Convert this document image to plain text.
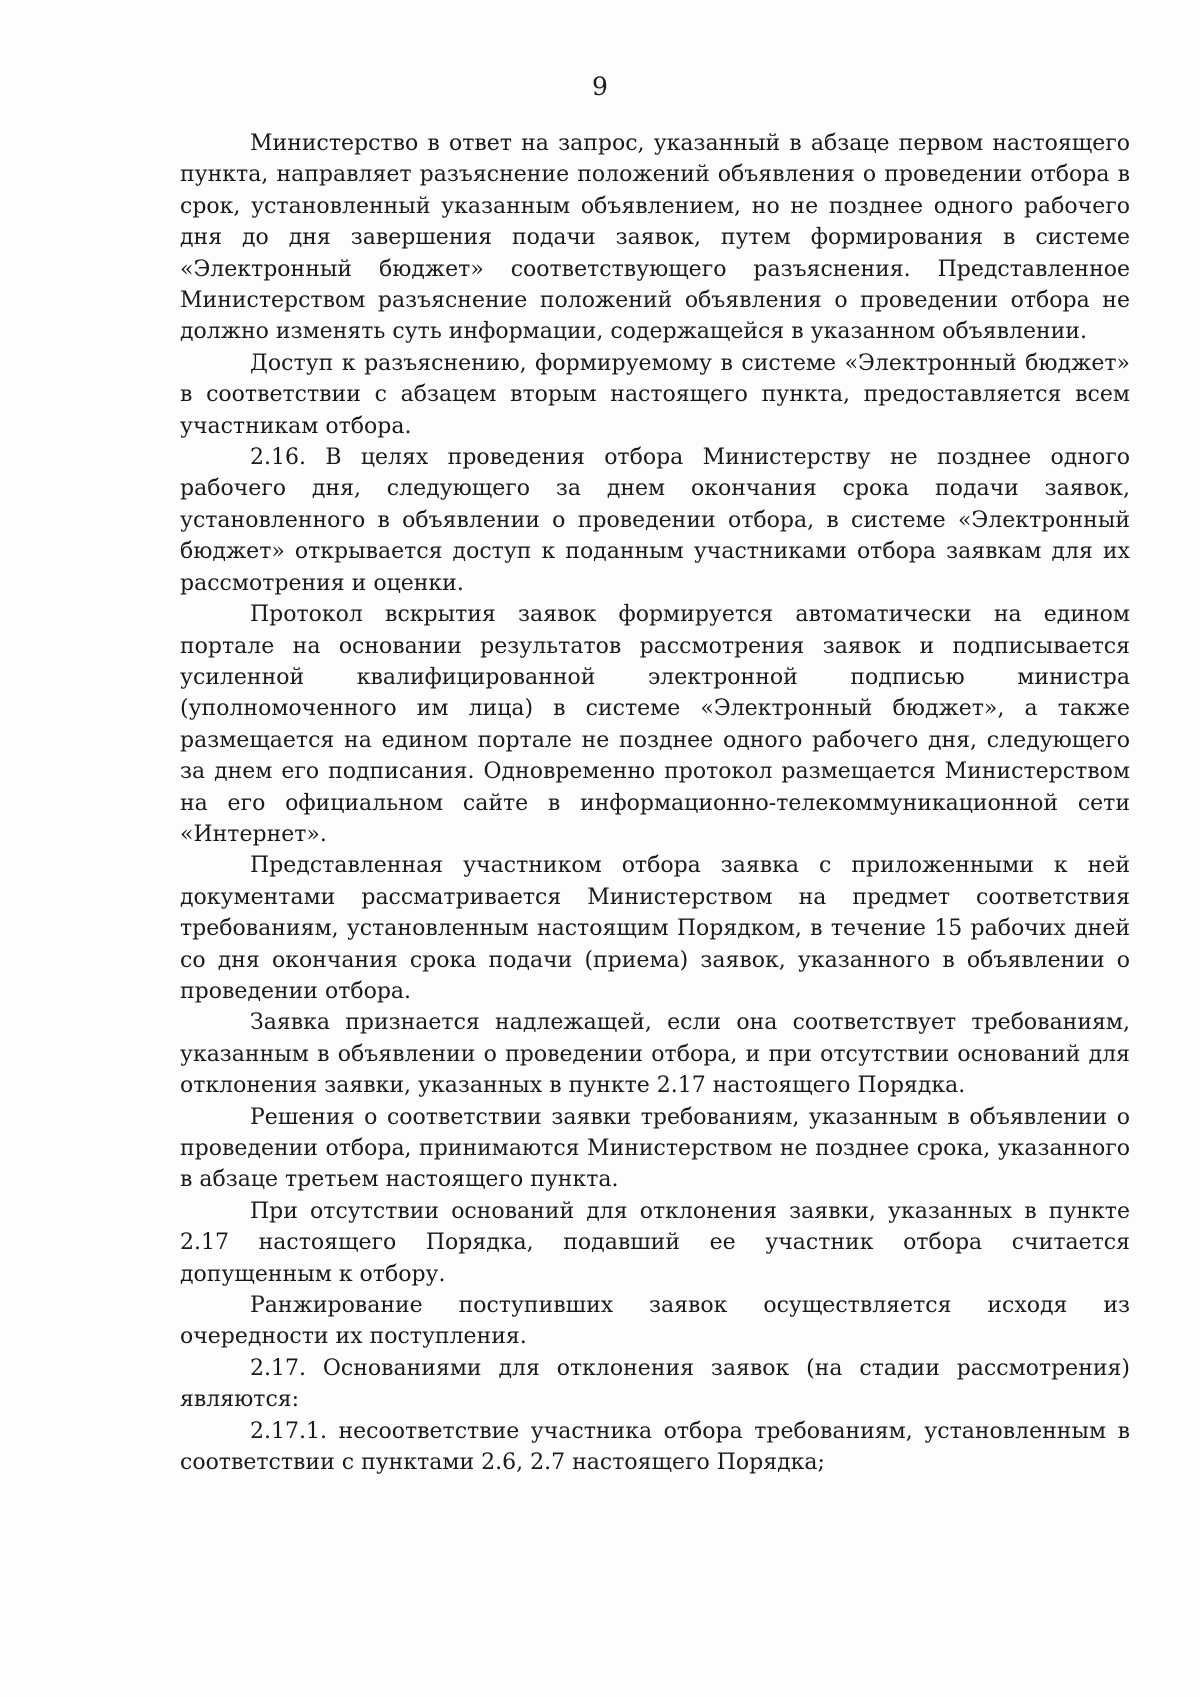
9

Министерство в ответ на запрос, указанный в абзаце первом настоящего пункта, направляет разъяснение положений объявления о проведении отбора в срок, установленный указанным объявлением, но не позднее одного рабочего дня до дня завершения подачи заявок, путем формирования в системе «Электронный бюджет» соответствующего разъяснения. Представленное Министерством разъяснение положений объявления о проведении отбора не должно изменять суть информации, содержащейся в указанном объявлении.

Доступ к разъяснению, формируемому в системе «Электронный бюджет» в соответствии с абзацем вторым настоящего пункта, предоставляется всем участникам отбора.

2.16. В целях проведения отбора Министерству не позднее одного рабочего дня, следующего за днем окончания срока подачи заявок, установленного в объявлении о проведении отбора, в системе «Электронный бюджет» открывается доступ к поданным участниками отбора заявкам для их рассмотрения и оценки.

Протокол вскрытия заявок формируется автоматически на едином портале на основании результатов рассмотрения заявок и подписывается усиленной квалифицированной электронной подписью министра (уполномоченного им лица) в системе «Электронный бюджет», а также размещается на едином портале не позднее одного рабочего дня, следующего за днем его подписания. Одновременно протокол размещается Министерством на его официальном сайте в информационно-телекоммуникационной сети «Интернет».

Представленная участником отбора заявка с приложенными к ней документами рассматривается Министерством на предмет соответствия требованиям, установленным настоящим Порядком, в течение 15 рабочих дней со дня окончания срока подачи (приема) заявок, указанного в объявлении о проведении отбора.

Заявка признается надлежащей, если она соответствует требованиям, указанным в объявлении о проведении отбора, и при отсутствии оснований для отклонения заявки, указанных в пункте 2.17 настоящего Порядка.

Решения о соответствии заявки требованиям, указанным в объявлении о проведении отбора, принимаются Министерством не позднее срока, указанного в абзаце третьем настоящего пункта.

При отсутствии оснований для отклонения заявки, указанных в пункте 2.17 настоящего Порядка, подавший ее участник отбора считается допущенным к отбору.

Ранжирование поступивших заявок осуществляется исходя из очередности их поступления.

2.17. Основаниями для отклонения заявок (на стадии рассмотрения) являются:

2.17.1. несоответствие участника отбора требованиям, установленным в соответствии с пунктами 2.6, 2.7 настоящего Порядка;
